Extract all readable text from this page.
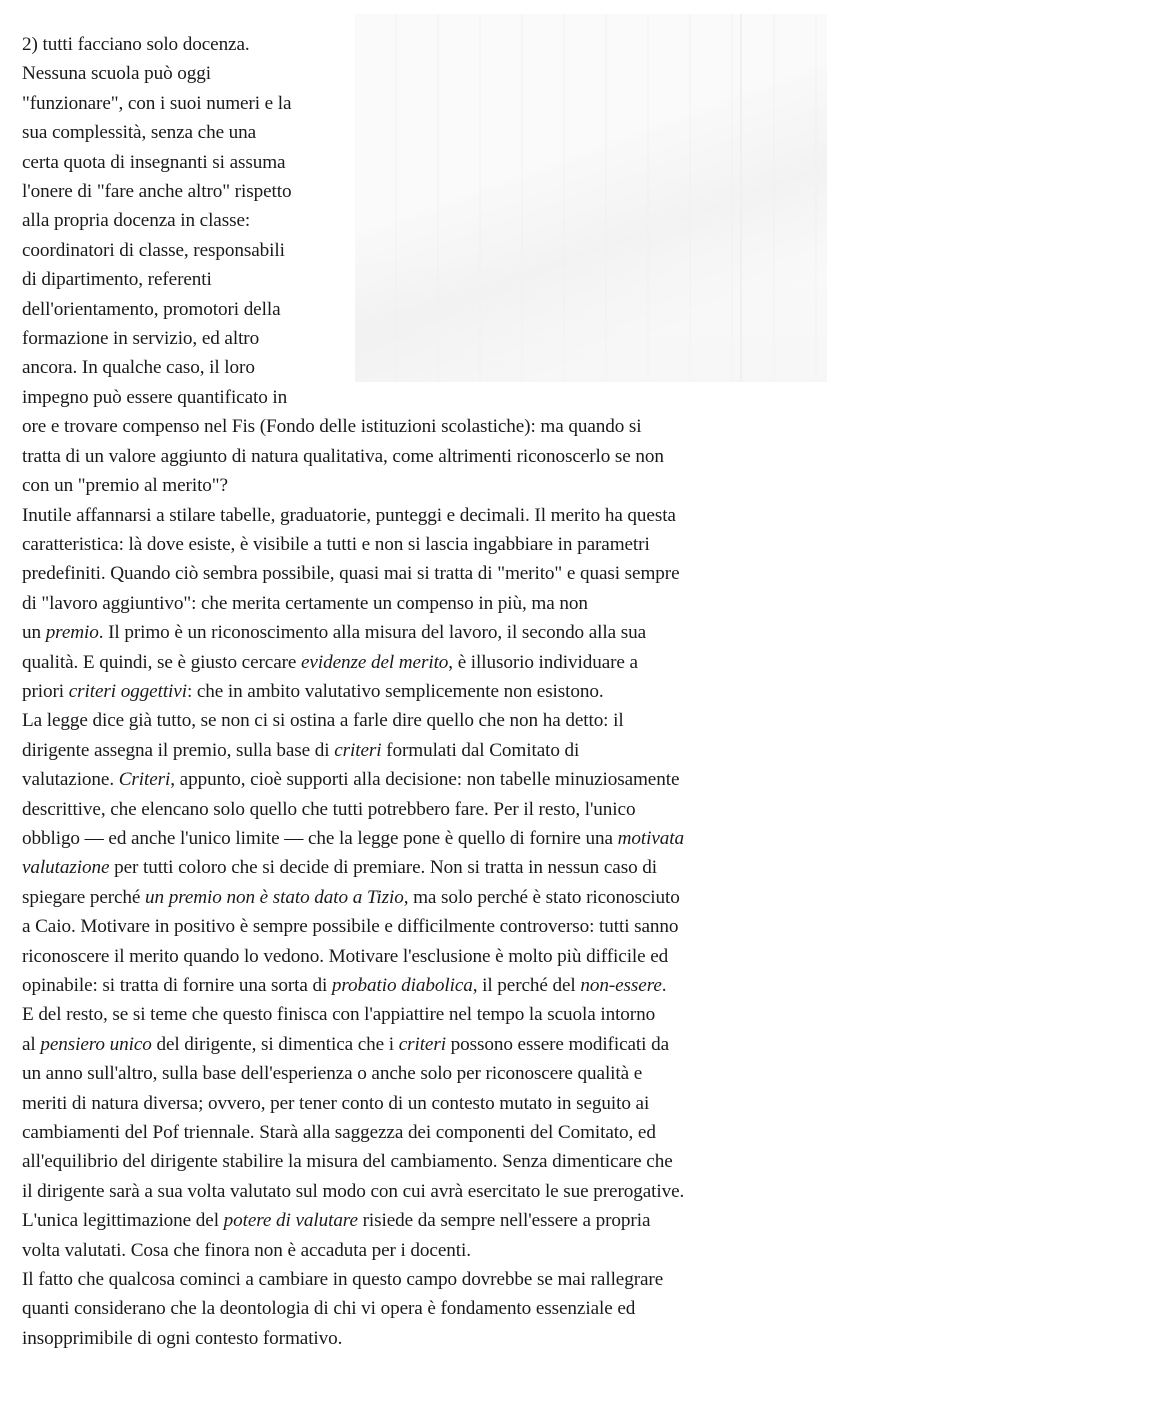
2) tutti facciano solo docenza.
Nessuna scuola può oggi
"funzionare", con i suoi numeri e la
sua complessità, senza che una
certa quota di insegnanti si assuma
l'onere di "fare anche altro" rispetto
alla propria docenza in classe:
coordinatori di classe, responsabili
di dipartimento, referenti
dell'orientamento, promotori della
formazione in servizio, ed altro
ancora. In qualche caso, il loro
impegno può essere quantificato in

ore e trovare compenso nel Fis (Fondo delle istituzioni scolastiche): ma quando si
tratta di un valore aggiunto di natura qualitativa, come altrimenti riconoscerlo se non
con un "premio al merito"?

Inutile affannarsi a stilare tabelle, graduatorie, punteggi e decimali. Il merito ha questa
caratteristica: là dove esiste, è visibile a tutti e non si lascia ingabbiare in parametri
predefiniti. Quando ciò sembra possibile, quasi mai si tratta di "merito" e quasi sempre
di "lavoro aggiuntivo": che merita certamente un compenso in più, ma non
un premio. Il primo è un riconoscimento alla misura del lavoro, il secondo alla sua
qualità. E quindi, se è giusto cercare evidenze del merito, è illusorio individuare a
priori criteri oggettivi: che in ambito valutativo semplicemente non esistono.

La legge dice già tutto, se non ci si ostina a farle dire quello che non ha detto: il
dirigente assegna il premio, sulla base di criteri formulati dal Comitato di
valutazione. Criteri, appunto, cioè supporti alla decisione: non tabelle minuziosamente
descrittive, che elencano solo quello che tutti potrebbero fare. Per il resto, l'unico
obbligo — ed anche l'unico limite — che la legge pone è quello di fornire una motivata
valutazione per tutti coloro che si decide di premiare. Non si tratta in nessun caso di
spiegare perché un premio non è stato dato a Tizio, ma solo perché è stato riconosciuto
a Caio. Motivare in positivo è sempre possibile e difficilmente controverso: tutti sanno
riconoscere il merito quando lo vedono. Motivare l'esclusione è molto più difficile ed
opinabile: si tratta di fornire una sorta di probatio diabolica, il perché del non-essere.
E del resto, se si teme che questo finisca con l'appiattire nel tempo la scuola intorno
al pensiero unico del dirigente, si dimentica che i criteri possono essere modificati da
un anno sull'altro, sulla base dell'esperienza o anche solo per riconoscere qualità e
meriti di natura diversa; ovvero, per tener conto di un contesto mutato in seguito ai
cambiamenti del Pof triennale. Starà alla saggezza dei componenti del Comitato, ed
all'equilibrio del dirigente stabilire la misura del cambiamento. Senza dimenticare che
il dirigente sarà a sua volta valutato sul modo con cui avrà esercitato le sue prerogative.
L'unica legittimazione del potere di valutare risiede da sempre nell'essere a propria
volta valutati. Cosa che finora non è accaduta per i docenti.

Il fatto che qualcosa cominci a cambiare in questo campo dovrebbe se mai rallegrare
quanti considerano che la deontologia di chi vi opera è fondamento essenziale ed
insopprimibile di ogni contesto formativo.
